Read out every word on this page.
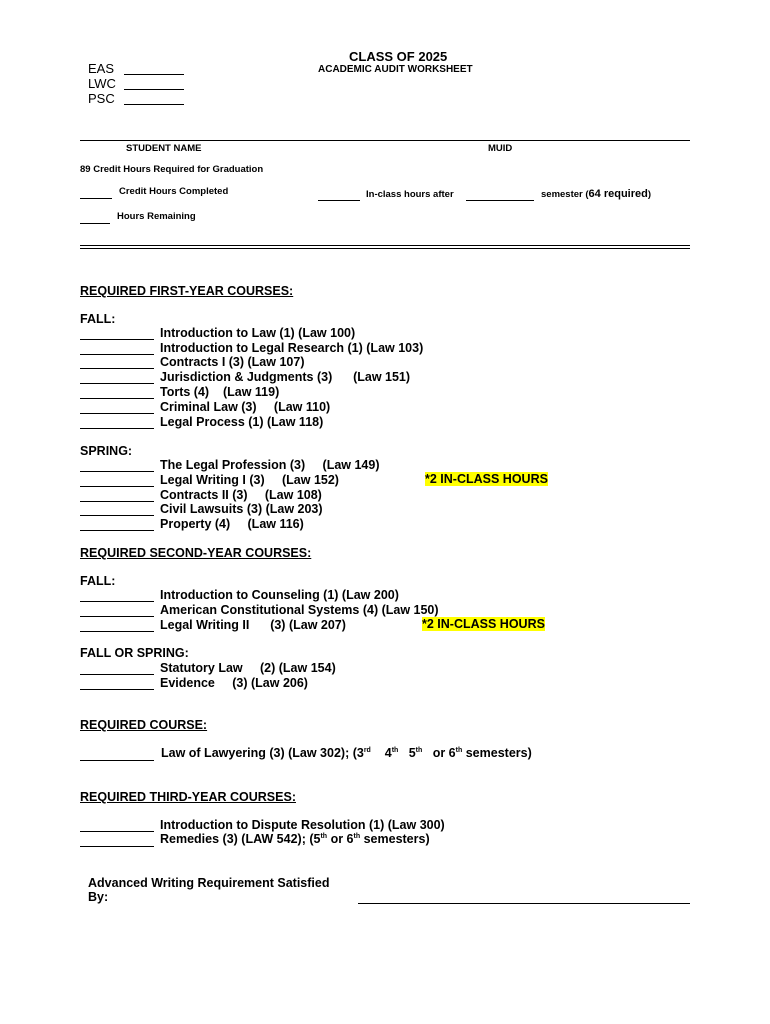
CLASS OF 2025
ACADEMIC AUDIT WORKSHEET
EAS
LWC
PSC
STUDENT NAME	MUID
89 Credit Hours Required for Graduation
Credit Hours Completed	In-class hours after	semester (64 required)
Hours Remaining
REQUIRED FIRST-YEAR COURSES:
FALL:
Introduction to Law (1) (Law 100)
Introduction to Legal Research (1) (Law 103)
Contracts I (3) (Law 107)
Jurisdiction & Judgments (3)      (Law 151)
Torts (4)    (Law 119)
Criminal Law (3)     (Law 110)
Legal Process (1) (Law 118)
SPRING:
The Legal Profession (3)     (Law 149)
Legal Writing I (3)     (Law 152)	*2 IN-CLASS HOURS
Contracts II (3)     (Law 108)
Civil Lawsuits (3) (Law 203)
Property (4)     (Law 116)
REQUIRED SECOND-YEAR COURSES:
FALL:
Introduction to Counseling (1) (Law 200)
American Constitutional Systems (4) (Law 150)
Legal Writing II      (3) (Law 207)	*2 IN-CLASS HOURS
FALL OR SPRING:
Statutory Law     (2) (Law 154)
Evidence     (3) (Law 206)
REQUIRED COURSE:
Law of Lawyering (3) (Law 302); (3rd 4th 5th or 6th semesters)
REQUIRED THIRD-YEAR COURSES:
Introduction to Dispute Resolution (1) (Law 300)
Remedies (3) (LAW 542); (5th or 6th semesters)
Advanced Writing Requirement Satisfied
By:
